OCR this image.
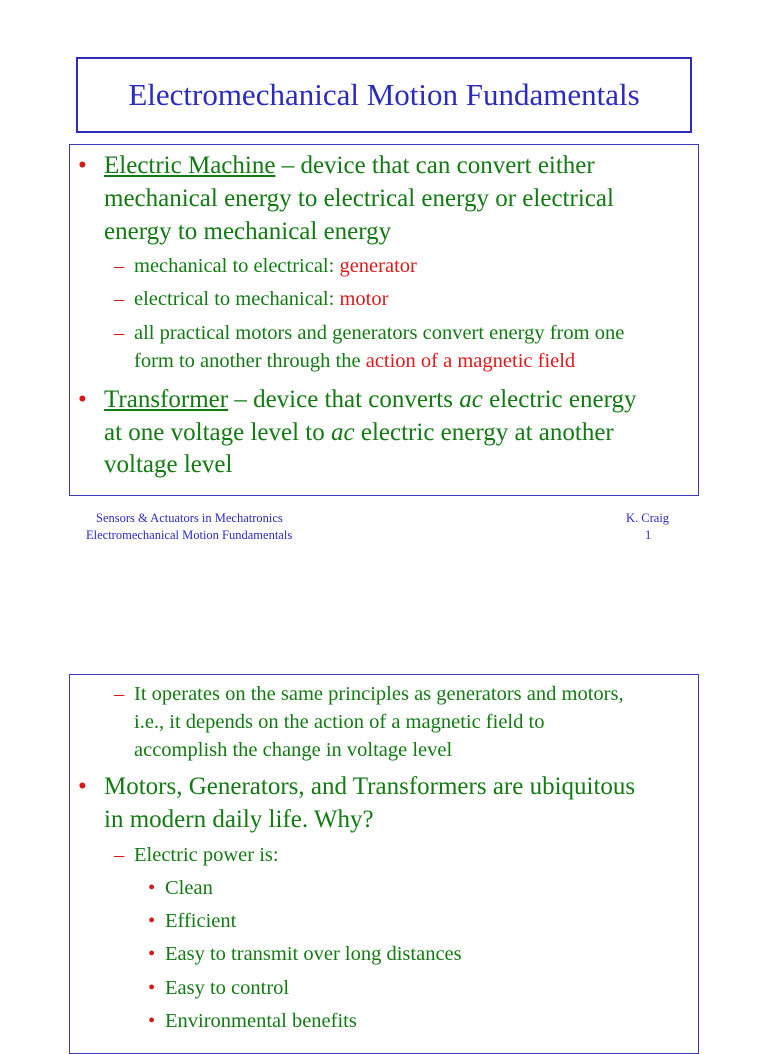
Electromechanical Motion Fundamentals
• Electric Machine – device that can convert either
mechanical energy to electrical energy or electrical
energy to mechanical energy
– mechanical to electrical: generator
– electrical to mechanical: motor
– all practical motors and generators convert energy from one
form to another through the action of a magnetic field
• Transformer – device that converts ac electric energy
at one voltage level to ac electric energy at another
voltage level
Sensors & Actuators in Mechatronics
Electromechanical Motion Fundamentals
K. Craig
1
– It operates on the same principles as generators and motors,
i.e., it depends on the action of a magnetic field to
accomplish the change in voltage level
• Motors, Generators, and Transformers are ubiquitous
in modern daily life. Why?
– Electric power is:
• Clean
• Efficient
• Easy to transmit over long distances
• Easy to control
• Environmental benefits
